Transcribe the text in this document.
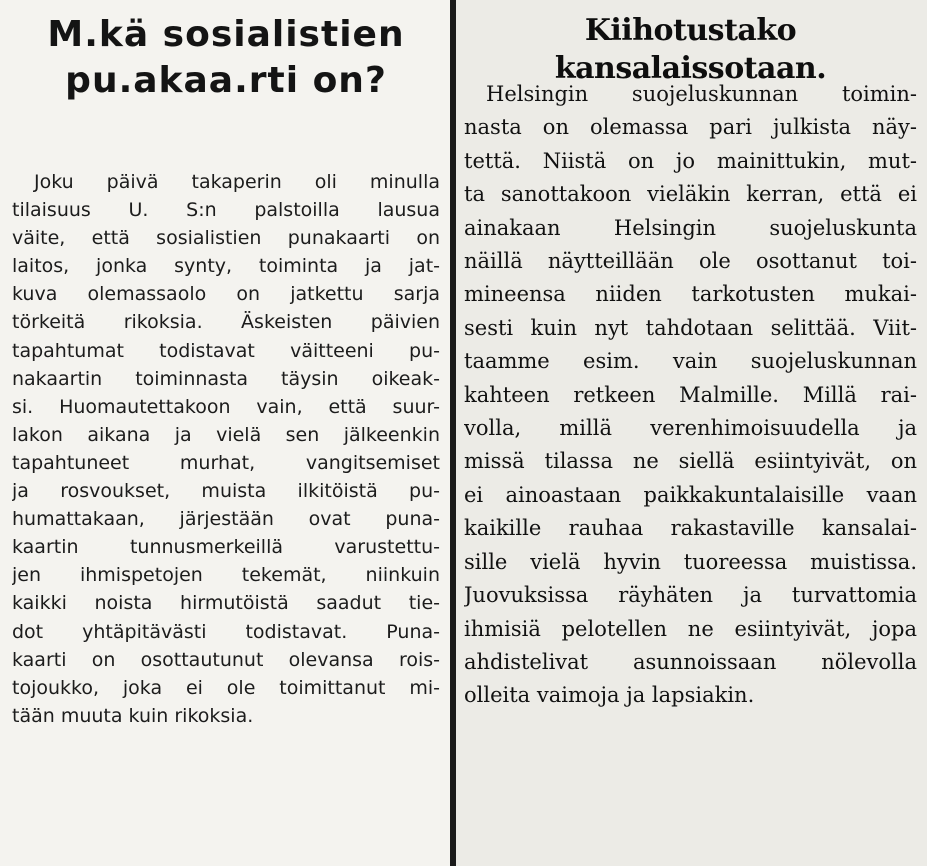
M.kä sosialistien pu.akaa.rti on?
Joku päivä takaperin oli minulla
tilaisuus U. S:n palstoilla lausua
väite, että sosialistien punakaarti on
laitos, jonka synty, toiminta ja jat-
kuva olemassaolo on jatkettu sarja
törkeitä rikoksia. Äskeisten päivien
tapahtumat todistavat väitteeni pu-
nakaartin toiminnasta täysin oikeak-
si. Huomautettakoon vain, että suur-
lakon aikana ja vielä sen jälkeenkin
tapahtuneet murhat, vangitsemiset
ja rosvoukset, muista ilkitöistä pu-
humattakaan, järjestään ovat puna-
kaartin tunnusmerkeillä varustettu-
jen ihmispetojen tekemät, niinkuin
kaikki noista hirmutöistä saadut tie-
dot yhtäpitävästi todistavat. Puna-
kaarti on osottautunut olevansa rois-
tojoukko, joka ei ole toimittanut mi-
tään muuta kuin rikoksia.
Kiihotustako kansalaissotaan.
Helsingin suojeluskunnan toimin-
nasta on olemassa pari julkista näy-
tettä. Niistä on jo mainittukin, mut-
ta sanottakoon vieläkin kerran, että ei
ainakaan Helsingin suojeluskunta
näillä näytteillään ole osottanut toi-
mineensa niiden tarkotusten mukai-
sesti kuin nyt tahdotaan selittää. Viit-
taamme esim. vain suojeluskunnan
kahteen retkeen Malmille. Millä rai-
volla, millä verenhimoisuudella ja
missä tilassa ne siellä esiintyivät, on
ei ainoastaan paikkakuntalaisille vaan
kaikille rauhaa rakastaville kansalai-
sille vielä hyvin tuoreessa muistissa.
Juovuksissa räyhäten ja turvattomia
ihmisiä pelotellen ne esiintyivät, jopa
ahdistelivat asunnoissaan nölevolla
olleita vaimoja ja lapsiakin.
